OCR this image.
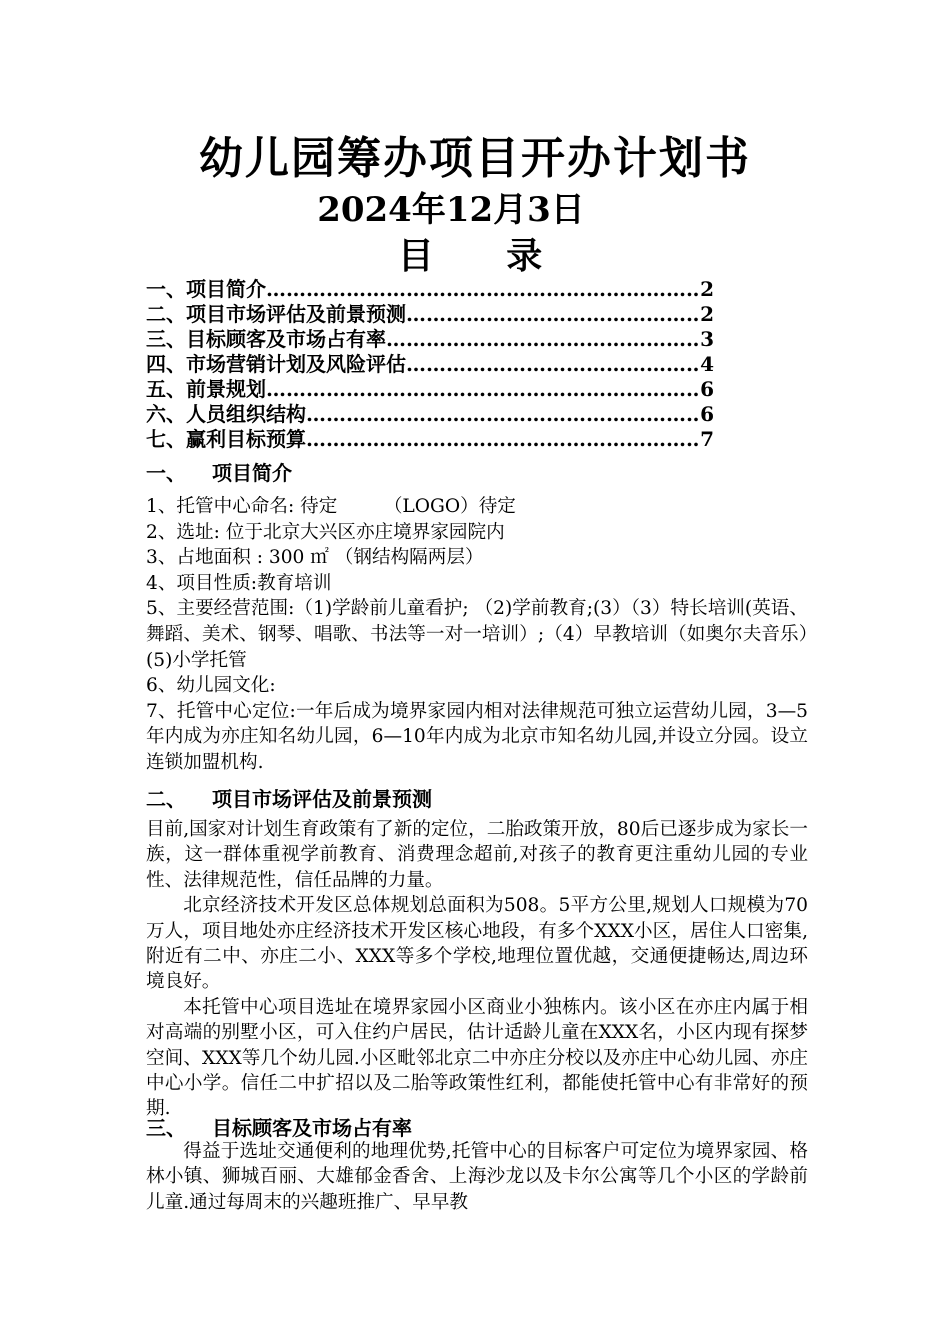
幼儿园筹办项目开办计划书
2024年12月3日
目 录
一、项目简介 …………………………………………………………………………………………………………	2
二、项目市场评估及前景预测 …………………………………………………………………………………………………………	2
三、目标顾客及市场占有率 …………………………………………………………………………………………………………	3
四、市场营销计划及风险评估 …………………………………………………………………………………………………………	4
五、前景规划 …………………………………………………………………………………………………………	6
六、人员组织结构 …………………………………………………………………………………………………………	6
七、赢利目标预算 …………………………………………………………………………………………………………	7
一、 项目简介

1、托管中心命名: 待定　　　（LOGO）待定

2、选址: 位于北京大兴区亦庄境界家园院内

3、占地面积 : 300 ㎡ （钢结构隔两层）

4、项目性质:教育培训

5、主要经营范围:（1)学龄前儿童看护; （2)学前教育;(3）（3）特长培训(英语、舞蹈、美术、钢琴、唱歌、书法等一对一培训）;（4）早教培训（如奥尔夫音乐）(5)小学托管

6、幼儿园文化:

7、托管中心定位:一年后成为境界家园内相对法律规范可独立运营幼儿园，3—5年内成为亦庄知名幼儿园，6—10年内成为北京市知名幼儿园,并设立分园。设立连锁加盟机构.

二、 项目市场评估及前景预测

目前,国家对计划生育政策有了新的定位，二胎政策开放，80后已逐步成为家长一族，这一群体重视学前教育、消费理念超前,对孩子的教育更注重幼儿园的专业性、法律规范性，信任品牌的力量。

北京经济技术开发区总体规划总面积为508。5平方公里,规划人口规模为70万人，项目地处亦庄经济技术开发区核心地段，有多个XXX小区，居住人口密集,附近有二中、亦庄二小、XXX等多个学校,地理位置优越，交通便捷畅达,周边环境良好。

本托管中心项目选址在境界家园小区商业小独栋内。该小区在亦庄内属于相对高端的别墅小区，可入住约户居民，估计适龄儿童在XXX名，小区内现有探梦空间、XXX等几个幼儿园.小区毗邻北京二中亦庄分校以及亦庄中心幼儿园、亦庄中心小学。信任二中扩招以及二胎等政策性红利，都能使托管中心有非常好的预期.

三、 目标顾客及市场占有率

得益于选址交通便利的地理优势,托管中心的目标客户可定位为境界家园、格林小镇、狮城百丽、大雄郁金香舍、上海沙龙以及卡尔公寓等几个小区的学龄前儿童.通过每周末的兴趣班推广、早早教
